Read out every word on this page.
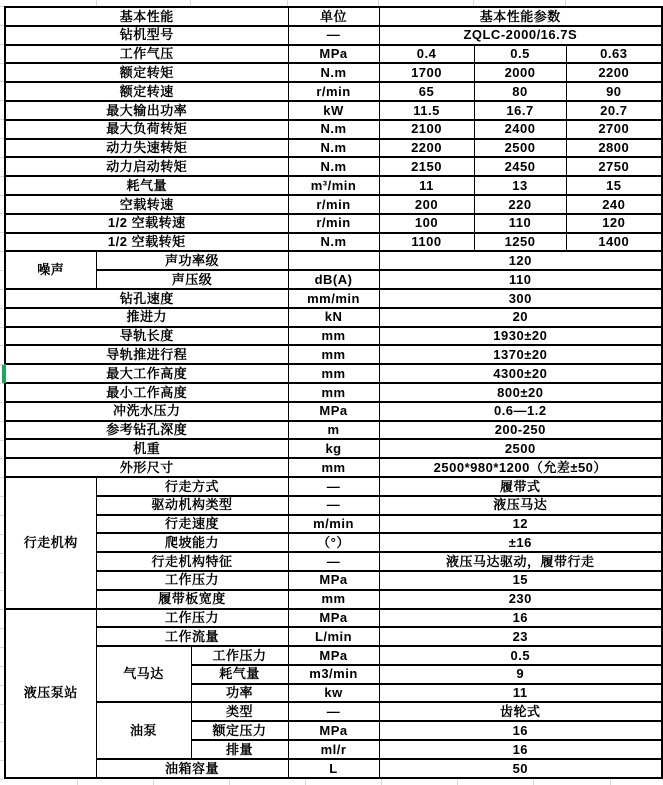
基本性能			单位	基本性能参数		
钻机型号			—	ZQLC-2000/16.7S		
工作气压			MPa	0.4	0.5	0.63
额定转矩			N.m	1700	2000	2200
额定转速			r/min	65	80	90
最大输出功率			kW	11.5	16.7	20.7
最大负荷转矩			N.m	2100	2400	2700
动力失速转矩			N.m	2200	2500	2800
动力启动转矩			N.m	2150	2450	2750
耗气量			m³/min	11	13	15
空载转速			r/min	200	220	240
1/2 空载转速			r/min	100	110	120
1/2 空载转矩			N.m	1100	1250	1400
噪声	声功率级			120		
	声压级		dB(A)	110		
钻孔速度			mm/min	300		
推进力			kN	20		
导轨长度			mm	1930±20		
导轨推进行程			mm	1370±20		
最大工作高度			mm	4300±20		
最小工作高度			mm	800±20		
冲洗水压力			MPa	0.6—1.2		
参考钻孔深度			m	200-250		
机重			kg	2500		
外形尺寸			mm	2500*980*1200（允差±50）		
行走机构	行走方式		—	履带式		
	驱动机构类型		—	液压马达		
	行走速度		m/min	12		
	爬坡能力		（°）	±16		
	行走机构特征		—	液压马达驱动，履带行走		
	工作压力		MPa	15		
	履带板宽度		mm	230		
液压泵站	工作压力		MPa	16		
	工作流量		L/min	23		
	气马达	工作压力	MPa	0.5		
		耗气量	m3/min	9		
		功率	kw	11		
	油泵	类型	—	齿轮式		
		额定压力	MPa	16		
		排量	ml/r	16		
	油箱容量		L	50		
